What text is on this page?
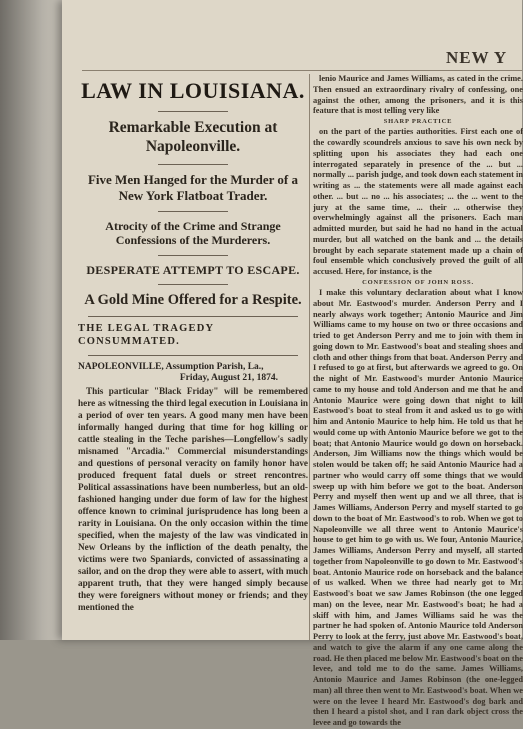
NEW Y
LAW IN LOUISIANA.
Remarkable Execution at Napoleonville.
Five Men Hanged for the Murder of a New York Flatboat Trader.
Atrocity of the Crime and Strange Confessions of the Murderers.
DESPERATE ATTEMPT TO ESCAPE.
A Gold Mine Offered for a Respite.
THE LEGAL TRAGEDY CONSUMMATED.
NAPOLEONVILLE, Assumption Parish, La.,
Friday, August 21, 1874.

This particular "Black Friday" will be remembered here as witnessing the third legal execution in Louisiana in a period of over ten years. A good many men have been informally hanged during that time for hog killing or cattle stealing in the Teche parishes—Longfellow's sadly misnamed "Arcadia." Commercial misunderstandings and questions of personal veracity on family honor have produced frequent fatal duels or street rencontres. Political assassinations have been numberless, but an old-fashioned hanging under due form of law for the highest offence known to criminal jurisprudence has long been a rarity in Louisiana. On the only occasion within the time specified, when the majesty of the law was vindicated in New Orleans by the infliction of the death penalty, the victims were two Spaniards, convicted of assassinating a sailor, and on the drop they were able to assert, with much apparent truth, that they were hanged simply because they were foreigners without money or friends; and they mentioned the

lenio Maurice and James Williams, as cated in the crime. Then ensued an extraordinary rivalry of confessing, one against the other, among the prisoners, and it is this feature that is most telling very like

SHARP PRACTICE

on the part of the parties authorities. First each one of the cowardly scoundrels anxious to save his own neck by splitting upon his associates they had each one interrogated separately in presence of the ... but ... normally ... parish judge, and took down each statement in writing as ... the statements were all made against each other. ... but ... no ... his associates; ... the ... went to the jury at the same time, ... their ... otherwise they overwhelmingly against all the prisoners. Each man admitted murder, but said he had no hand in the actual murder, but all watched on the bank and ... the details brought by each separate statement made up a chain of foul ensemble which conclusively proved the guilt of all accused. Here, for instance, is the

CONFESSION OF JOHN ROSS.

I make this voluntary declaration about what I know about Mr. Eastwood's murder. Anderson Perry and I nearly always work together; Antonio Maurice and Jim Williams came to my house on two or three occasions and tried to get Anderson Perry and me to join with them in going down to Mr. Eastwood's boat and stealing shoes and cloth and other things from that boat. Anderson Perry and I refused to go at first, but afterwards we agreed to go. On the night of Mr. Eastwood's murder Antonio Maurice came to my house and told Anderson and me that he and Antonio Maurice were going down that night to kill Eastwood's boat to steal from it and asked us to go with him and Antonio Maurice to help him. He told us that he would come up with Antonio Maurice before we got to the boat; that Antonio Maurice would go down on horseback. Anderson, Jim Williams now the things which would be stolen would be taken off; he said Antonio Maurice had a partner who would carry off some things that we would sweep up with him before we got to the boat. Anderson Perry and myself then went up and we all three, that is James Williams, Anderson Perry and myself started to go down to the boat of Mr. Eastwood's to rob. When we got to Napoleonville we all three went to Antonio Maurice's house to get him to go with us. We four, Antonio Maurice, James Williams, Anderson Perry and myself, all started together from Napoleonville to go down to Mr. Eastwood's boat. Antonio Maurice rode on horseback and the balance of us walked. When we three had nearly got to Mr. Eastwood's boat we saw James Robinson (the one legged man) on the levee, near Mr. Eastwood's boat; he had a skiff with him, and James Williams said he was the partner he had spoken of. Antonio Maurice told Anderson Perry to look at the ferry, just above Mr. Eastwood's boat, and watch to give the alarm if any one came along the road. He then placed me below Mr. Eastwood's boat on the levee, and told me to do the same. James Williams, Antonio Maurice and James Robinson (the one-legged man) all three then went to Mr. Eastwood's boat. When we were on the levee I heard Mr. Eastwood's dog bark and then I heard a pistol shot, and I ran dark object cross the levee and go towards the
